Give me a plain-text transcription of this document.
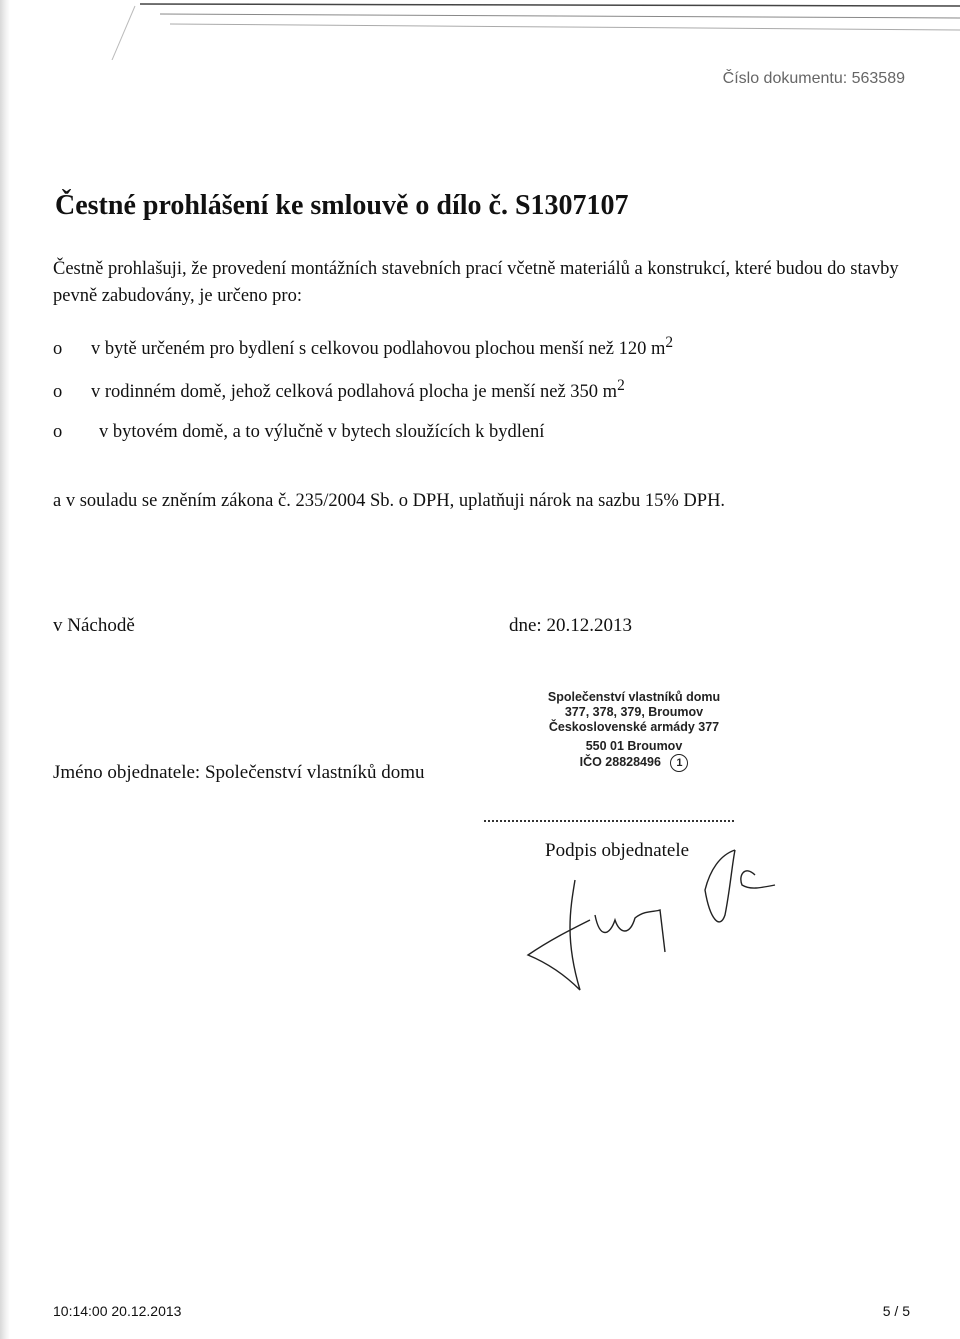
Číslo dokumentu: 563589
Čestné prohlášení ke smlouvě o dílo č. S1307107
Čestně prohlašuji, že provedení montážních stavebních prací včetně materiálů a konstrukcí, které budou do stavby pevně zabudovány, je určeno pro:
o v bytě určeném pro bydlení s celkovou podlahovou plochou menší než 120 $m^2$
o v rodinném domě, jehož celková podlahová plocha je menší než 350 $m^2$
o v bytovém domě, a to výlučně v bytech sloužících k bydlení
a v souladu se zněním zákona č. 235/2004 Sb. o DPH, uplatňuji nárok na sazbu 15% DPH.
v Náchodě	dne: 20.12.2013
Společenství vlastníků domu
377, 378, 379, Broumov
Československé armády 377
550 01 Broumov
IČO 28828496 1
Jméno objednatele: Společenství vlastníků domu
Podpis objednatele
10:14:00 20.12.2013	5 / 5
